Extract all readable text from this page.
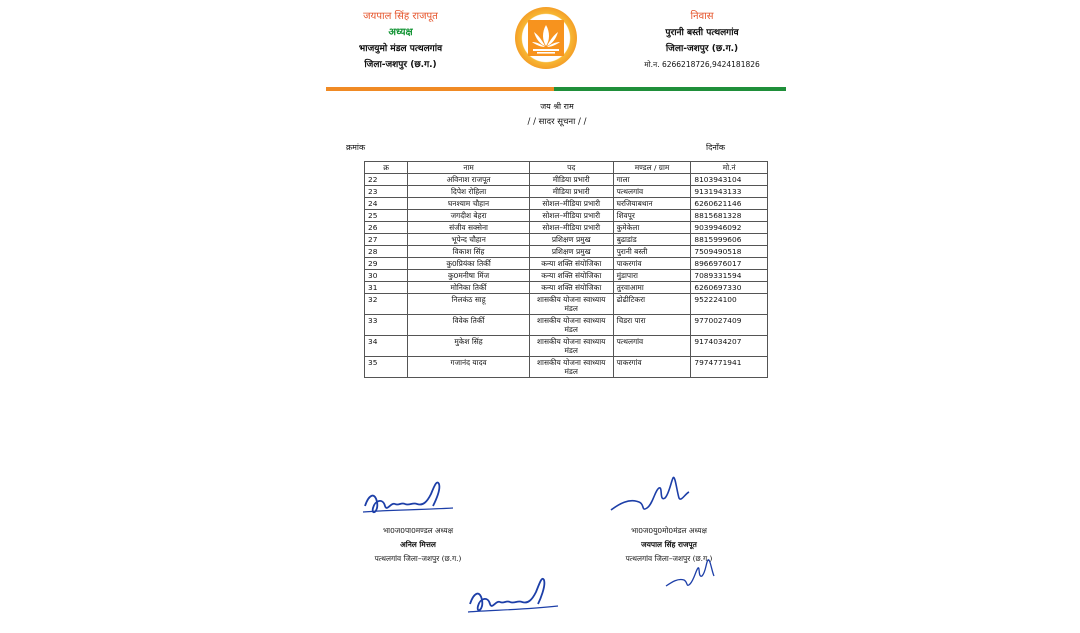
जयपाल सिंह राजपूत
अध्यक्ष
भाजयुमो मंडल पत्थलगांव
जिला-जशपुर (छ.ग.)
निवास
पुरानी बस्ती पत्थलगांव
जिला-जशपुर (छ.ग.)
मो.न. 6266218726,9424181826
जय श्री राम
/ / सादर सूचना / /
क्रमांक	दिनाँक
क्र	नाम	पद	मण्डल / ग्राम	मो.नं
22	अविनाश राजपूत	मीडिया प्रभारी	गाला	8103943104
23	दिपेश रोहिला	मीडिया प्रभारी	पत्थलगांव	9131943133
24	घनश्याम चौहान	सोशल–मीडिया प्रभारी	घरजियाबथान	6260621146
25	जगदीश बेहरा	सोशल–मीडिया प्रभारी	शिवपूर	8815681328
26	संजीव सक्सेना	सोशल–मीडिया प्रभारी	कुमेकेला	9039946092
27	भूपेन्द चौहान	प्रशिक्षण प्रमुख	बुढाडांड	8815999606
28	विकाश सिंह	प्रशिक्षण प्रमुख	पुरानी बस्ती	7509490518
29	कु0प्रियंका तिर्की	कन्या शक्ति संयोजिका	पाकरगांव	8966976017
30	कु0मनीषा मिंज	कन्या शक्ति संयोजिका	मुंडापारा	7089331594
31	मोनिका तिर्की	कन्या शक्ति संयोजिका	तुरवाआमा	6260697330
32	निलकंठ साहू	शासकीय योजना स्वाध्याय मंडल	ढोढीटिकरा	952224100
33	विवेक तिर्की	शासकीय योजना स्वाध्याय मंडल	चिडरा पारा	9770027409
34	मुकेश सिंह	शासकीय योजना स्वाध्याय मंडल	पत्थलगांव	9174034207
35	गजानंद यादव	शासकीय योजना स्वाध्याय मंडल	पाकरगांव	7974771941
भा0ज0पा0मण्डल अध्यक्ष
अनिल मित्तल
पत्थलगांव जिला–जशपुर (छ.ग.)
भा0ज0यु0मो0मंडल अध्यक्ष
जयपाल सिंह राजपूत
पत्थलगांव जिला–जशपुर (छ.ग.)
